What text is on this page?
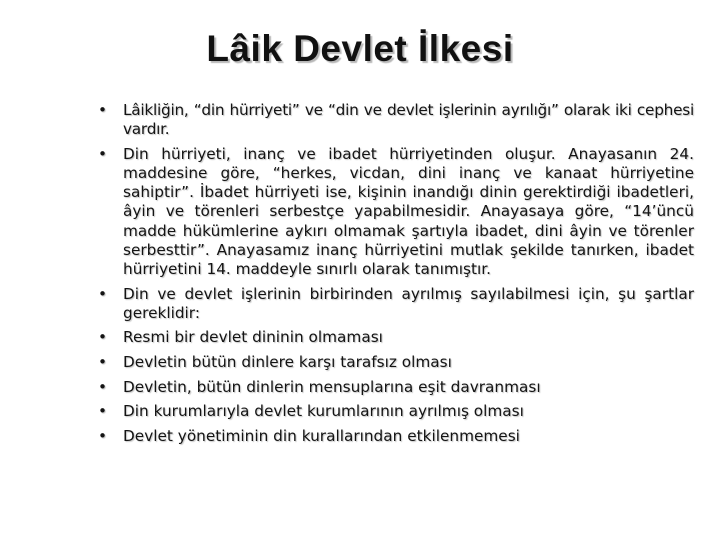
Lâik Devlet İlkesi
• Lâikliğin, “din hürriyeti” ve “din ve devlet işlerinin ayrılığı” olarak iki cephesi vardır.
• Din hürriyeti, inanç ve ibadet hürriyetinden oluşur. Anayasanın 24. maddesine göre, “herkes, vicdan, dini inanç ve kanaat hürriyetine sahiptir”. İbadet hürriyeti ise, kişinin inandığı dinin gerektirdiği ibadetleri, âyin ve törenleri serbestçe yapabilmesidir. Anayasaya göre, “14’üncü madde hükümlerine aykırı olmamak şartıyla ibadet, dini âyin ve törenler serbesttir”. Anayasamız inanç hürriyetini mutlak şekilde tanırken, ibadet hürriyetini 14. maddeyle sınırlı olarak tanımıştır.
• Din ve devlet işlerinin birbirinden ayrılmış sayılabilmesi için, şu şartlar gereklidir:
• Resmi bir devlet dininin olmaması
• Devletin bütün dinlere karşı tarafsız olması
• Devletin, bütün dinlerin mensuplarına eşit davranması
• Din kurumlarıyla devlet kurumlarının ayrılmış olması
• Devlet yönetiminin din kurallarından etkilenmemesi
